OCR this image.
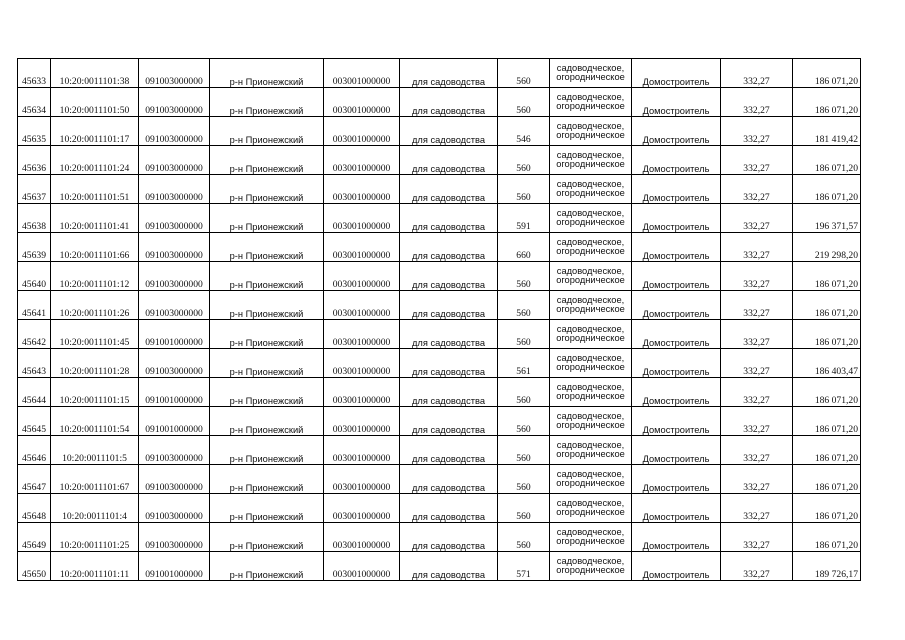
45633	10:20:0011101:38	091003000000	р-н Прионежский	003001000000	для садоводства	560	садоводческое,
огородническое	Домостроитель	332,27	186 071,20
45634	10:20:0011101:50	091003000000	р-н Прионежский	003001000000	для садоводства	560	садоводческое,
огородническое	Домостроитель	332,27	186 071,20
45635	10:20:0011101:17	091003000000	р-н Прионежский	003001000000	для садоводства	546	садоводческое,
огородническое	Домостроитель	332,27	181 419,42
45636	10:20:0011101:24	091003000000	р-н Прионежский	003001000000	для садоводства	560	садоводческое,
огородническое	Домостроитель	332,27	186 071,20
45637	10:20:0011101:51	091003000000	р-н Прионежский	003001000000	для садоводства	560	садоводческое,
огородническое	Домостроитель	332,27	186 071,20
45638	10:20:0011101:41	091003000000	р-н Прионежский	003001000000	для садоводства	591	садоводческое,
огородническое	Домостроитель	332,27	196 371,57
45639	10:20:0011101:66	091003000000	р-н Прионежский	003001000000	для садоводства	660	садоводческое,
огородническое	Домостроитель	332,27	219 298,20
45640	10:20:0011101:12	091003000000	р-н Прионежский	003001000000	для садоводства	560	садоводческое,
огородническое	Домостроитель	332,27	186 071,20
45641	10:20:0011101:26	091003000000	р-н Прионежский	003001000000	для садоводства	560	садоводческое,
огородническое	Домостроитель	332,27	186 071,20
45642	10:20:0011101:45	091001000000	р-н Прионежский	003001000000	для садоводства	560	садоводческое,
огородническое	Домостроитель	332,27	186 071,20
45643	10:20:0011101:28	091003000000	р-н Прионежский	003001000000	для садоводства	561	садоводческое,
огородническое	Домостроитель	332,27	186 403,47
45644	10:20:0011101:15	091001000000	р-н Прионежский	003001000000	для садоводства	560	садоводческое,
огородническое	Домостроитель	332,27	186 071,20
45645	10:20:0011101:54	091001000000	р-н Прионежский	003001000000	для садоводства	560	садоводческое,
огородническое	Домостроитель	332,27	186 071,20
45646	10:20:0011101:5	091003000000	р-н Прионежский	003001000000	для садоводства	560	садоводческое,
огородническое	Домостроитель	332,27	186 071,20
45647	10:20:0011101:67	091003000000	р-н Прионежский	003001000000	для садоводства	560	садоводческое,
огородническое	Домостроитель	332,27	186 071,20
45648	10:20:0011101:4	091003000000	р-н Прионежский	003001000000	для садоводства	560	садоводческое,
огородническое	Домостроитель	332,27	186 071,20
45649	10:20:0011101:25	091003000000	р-н Прионежский	003001000000	для садоводства	560	садоводческое,
огородническое	Домостроитель	332,27	186 071,20
45650	10:20:0011101:11	091001000000	р-н Прионежский	003001000000	для садоводства	571	садоводческое,
огородническое	Домостроитель	332,27	189 726,17
